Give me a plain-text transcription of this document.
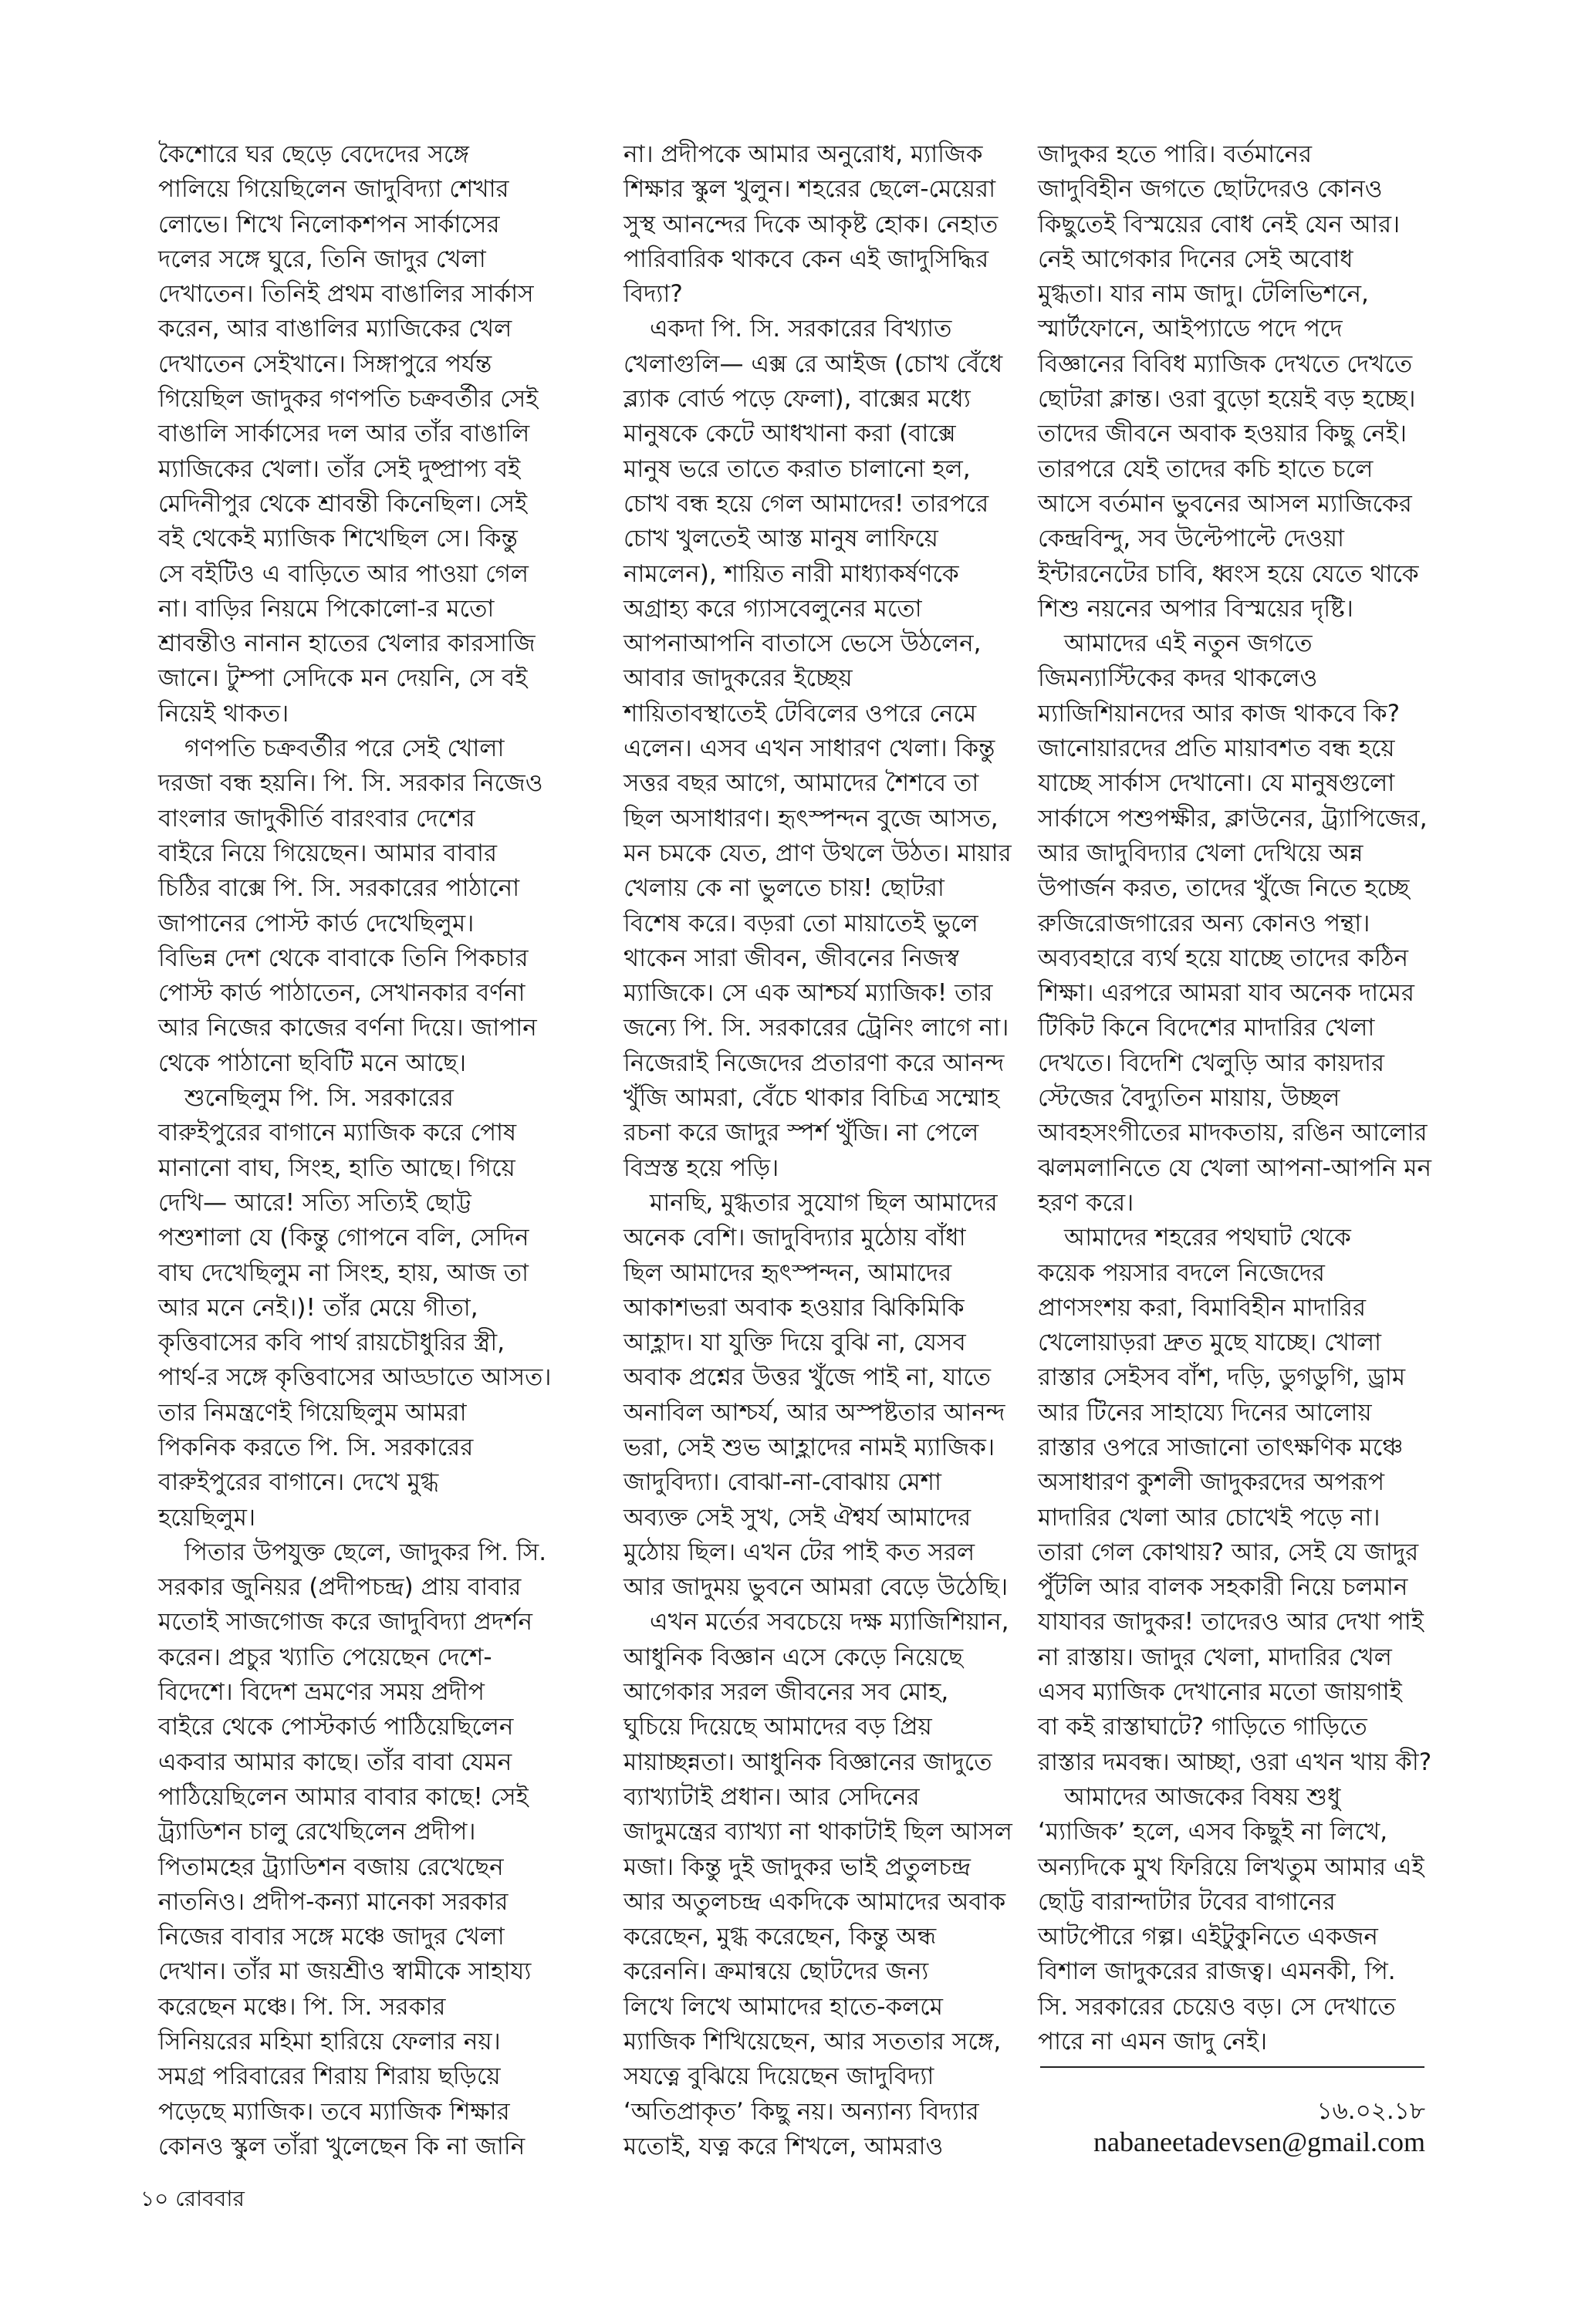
কৈশোরে ঘর ছেড়ে বেদেদের সঙ্গে
পালিয়ে গিয়েছিলেন জাদুবিদ্যা শেখার
লোভে। শিখে নিলোকশপন সার্কাসের
দলের সঙ্গে ঘুরে, তিনি জাদুর খেলা
দেখাতেন। তিনিই প্রথম বাঙালির সার্কাস
করেন, আর বাঙালির ম্যাজিকের খেল
দেখাতেন সেইখানে। সিঙ্গাপুরে পর্যন্ত
গিয়েছিল জাদুকর গণপতি চক্রবর্তীর সেই
বাঙালি সার্কাসের দল আর তাঁর বাঙালি
ম্যাজিকের খেলা। তাঁর সেই দুষ্প্রাপ্য বই
মেদিনীপুর থেকে শ্রাবন্তী কিনেছিল। সেই
বই থেকেই ম্যাজিক শিখেছিল সে। কিন্তু
সে বইটিও এ বাড়িতে আর পাওয়া গেল
না। বাড়ির নিয়মে পিকোলো-র মতো
শ্রাবন্তীও নানান হাতের খেলার কারসাজি
জানে। টুম্পা সেদিকে মন দেয়নি, সে বই
নিয়েই থাকত।
গণপতি চক্রবর্তীর পরে সেই খোলা
দরজা বন্ধ হয়নি। পি. সি. সরকার নিজেও
বাংলার জাদুকীর্তি বারংবার দেশের
বাইরে নিয়ে গিয়েছেন। আমার বাবার
চিঠির বাক্সে পি. সি. সরকারের পাঠানো
জাপানের পোস্ট কার্ড দেখেছিলুম।
বিভিন্ন দেশ থেকে বাবাকে তিনি পিকচার
পোস্ট কার্ড পাঠাতেন, সেখানকার বর্ণনা
আর নিজের কাজের বর্ণনা দিয়ে। জাপান
থেকে পাঠানো ছবিটি মনে আছে।
শুনেছিলুম পি. সি. সরকারের
বারুইপুরের বাগানে ম্যাজিক করে পোষ
মানানো বাঘ, সিংহ, হাতি আছে। গিয়ে
দেখি— আরে! সত্যি সত্যিই ছোট্ট
পশুশালা যে (কিন্তু গোপনে বলি, সেদিন
বাঘ দেখেছিলুম না সিংহ, হায়, আজ তা
আর মনে নেই।)! তাঁর মেয়ে গীতা,
কৃত্তিবাসের কবি পার্থ রায়চৌধুরির স্ত্রী,
পার্থ-র সঙ্গে কৃত্তিবাসের আড্ডাতে আসত।
তার নিমন্ত্রণেই গিয়েছিলুম আমরা
পিকনিক করতে পি. সি. সরকারের
বারুইপুরের বাগানে। দেখে মুগ্ধ
হয়েছিলুম।
পিতার উপযুক্ত ছেলে, জাদুকর পি. সি.
সরকার জুনিয়র (প্রদীপচন্দ্র) প্রায় বাবার
মতোই সাজগোজ করে জাদুবিদ্যা প্রদর্শন
করেন। প্রচুর খ্যাতি পেয়েছেন দেশে-
বিদেশে। বিদেশ ভ্রমণের সময় প্রদীপ
বাইরে থেকে পোস্টকার্ড পাঠিয়েছিলেন
একবার আমার কাছে। তাঁর বাবা যেমন
পাঠিয়েছিলেন আমার বাবার কাছে! সেই
ট্র্যাডিশন চালু রেখেছিলেন প্রদীপ।
পিতামহের ট্র্যাডিশন বজায় রেখেছেন
নাতনিও। প্রদীপ-কন্যা মানেকা সরকার
নিজের বাবার সঙ্গে মঞ্চে জাদুর খেলা
দেখান। তাঁর মা জয়শ্রীও স্বামীকে সাহায্য
করেছেন মঞ্চে। পি. সি. সরকার
সিনিয়রের মহিমা হারিয়ে ফেলার নয়।
সমগ্র পরিবারের শিরায় শিরায় ছড়িয়ে
পড়েছে ম্যাজিক। তবে ম্যাজিক শিক্ষার
কোনও স্কুল তাঁরা খুলেছেন কি না জানি
না। প্রদীপকে আমার অনুরোধ, ম্যাজিক
শিক্ষার স্কুল খুলুন। শহরের ছেলে-মেয়েরা
সুস্থ আনন্দের দিকে আকৃষ্ট হোক। নেহাত
পারিবারিক থাকবে কেন এই জাদুসিদ্ধির
বিদ্যা?
একদা পি. সি. সরকারের বিখ্যাত
খেলাগুলি— এক্স রে আইজ (চোখ বেঁধে
ব্ল্যাক বোর্ড পড়ে ফেলা), বাক্সের মধ্যে
মানুষকে কেটে আধখানা করা (বাক্সে
মানুষ ভরে তাতে করাত চালানো হল,
চোখ বন্ধ হয়ে গেল আমাদের! তারপরে
চোখ খুলতেই আস্ত মানুষ লাফিয়ে
নামলেন), শায়িত নারী মাধ্যাকর্ষণকে
অগ্রাহ্য করে গ্যাসবেলুনের মতো
আপনাআপনি বাতাসে ভেসে উঠলেন,
আবার জাদুকরের ইচ্ছেয়
শায়িতাবস্থাতেই টেবিলের ওপরে নেমে
এলেন। এসব এখন সাধারণ খেলা। কিন্তু
সত্তর বছর আগে, আমাদের শৈশবে তা
ছিল অসাধারণ। হৃৎস্পন্দন বুজে আসত,
মন চমকে যেত, প্রাণ উথলে উঠত। মায়ার
খেলায় কে না ভুলতে চায়! ছোটরা
বিশেষ করে। বড়রা তো মায়াতেই ভুলে
থাকেন সারা জীবন, জীবনের নিজস্ব
ম্যাজিকে। সে এক আশ্চর্য ম্যাজিক! তার
জন্যে পি. সি. সরকারের ট্রেনিং লাগে না।
নিজেরাই নিজেদের প্রতারণা করে আনন্দ
খুঁজি আমরা, বেঁচে থাকার বিচিত্র সম্মোহ
রচনা করে জাদুর স্পর্শ খুঁজি। না পেলে
বিস্রস্ত হয়ে পড়ি।
মানছি, মুগ্ধতার সুযোগ ছিল আমাদের
অনেক বেশি। জাদুবিদ্যার মুঠোয় বাঁধা
ছিল আমাদের হৃৎস্পন্দন, আমাদের
আকাশভরা অবাক হওয়ার ঝিকিমিকি
আহ্লাদ। যা যুক্তি দিয়ে বুঝি না, যেসব
অবাক প্রশ্নের উত্তর খুঁজে পাই না, যাতে
অনাবিল আশ্চর্য, আর অস্পষ্টতার আনন্দ
ভরা, সেই শুভ আহ্লাদের নামই ম্যাজিক।
জাদুবিদ্যা। বোঝা-না-বোঝায় মেশা
অব্যক্ত সেই সুখ, সেই ঐশ্বর্য আমাদের
মুঠোয় ছিল। এখন টের পাই কত সরল
আর জাদুময় ভুবনে আমরা বেড়ে উঠেছি।
এখন মর্তের সবচেয়ে দক্ষ ম্যাজিশিয়ান,
আধুনিক বিজ্ঞান এসে কেড়ে নিয়েছে
আগেকার সরল জীবনের সব মোহ,
ঘুচিয়ে দিয়েছে আমাদের বড় প্রিয়
মায়াচ্ছন্নতা। আধুনিক বিজ্ঞানের জাদুতে
ব্যাখ্যাটাই প্রধান। আর সেদিনের
জাদুমন্ত্রের ব্যাখ্যা না থাকাটাই ছিল আসল
মজা। কিন্তু দুই জাদুকর ভাই প্রতুলচন্দ্র
আর অতুলচন্দ্র একদিকে আমাদের অবাক
করেছেন, মুগ্ধ করেছেন, কিন্তু অন্ধ
করেননি। ক্রমান্বয়ে ছোটদের জন্য
লিখে লিখে আমাদের হাতে-কলমে
ম্যাজিক শিখিয়েছেন, আর সততার সঙ্গে,
সযত্নে বুঝিয়ে দিয়েছেন জাদুবিদ্যা
‘অতিপ্রাকৃত’ কিছু নয়। অন্যান্য বিদ্যার
মতোই, যত্ন করে শিখলে, আমরাও
জাদুকর হতে পারি। বর্তমানের
জাদুবিহীন জগতে ছোটদেরও কোনও
কিছুতেই বিস্ময়ের বোধ নেই যেন আর।
নেই আগেকার দিনের সেই অবোধ
মুগ্ধতা। যার নাম জাদু। টেলিভিশনে,
স্মার্টফোনে, আইপ্যাডে পদে পদে
বিজ্ঞানের বিবিধ ম্যাজিক দেখতে দেখতে
ছোটরা ক্লান্ত। ওরা বুড়ো হয়েই বড় হচ্ছে।
তাদের জীবনে অবাক হওয়ার কিছু নেই।
তারপরে যেই তাদের কচি হাতে চলে
আসে বর্তমান ভুবনের আসল ম্যাজিকের
কেন্দ্রবিন্দু, সব উল্টেপাল্টে দেওয়া
ইন্টারনেটের চাবি, ধ্বংস হয়ে যেতে থাকে
শিশু নয়নের অপার বিস্ময়ের দৃষ্টি।
আমাদের এই নতুন জগতে
জিমন্যাস্টিকের কদর থাকলেও
ম্যাজিশিয়ানদের আর কাজ থাকবে কি?
জানোয়ারদের প্রতি মায়াবশত বন্ধ হয়ে
যাচ্ছে সার্কাস দেখানো। যে মানুষগুলো
সার্কাসে পশুপক্ষীর, ক্লাউনের, ট্র্যাপিজের,
আর জাদুবিদ্যার খেলা দেখিয়ে অন্ন
উপার্জন করত, তাদের খুঁজে নিতে হচ্ছে
রুজিরোজগারের অন্য কোনও পন্থা।
অব্যবহারে ব্যর্থ হয়ে যাচ্ছে তাদের কঠিন
শিক্ষা। এরপরে আমরা যাব অনেক দামের
টিকিট কিনে বিদেশের মাদারির খেলা
দেখতে। বিদেশি খেলুড়ি আর কায়দার
স্টেজের বৈদ্যুতিন মায়ায়, উচ্ছল
আবহসংগীতের মাদকতায়, রঙিন আলোর
ঝলমলানিতে যে খেলা আপনা-আপনি মন
হরণ করে।
আমাদের শহরের পথঘাট থেকে
কয়েক পয়সার বদলে নিজেদের
প্রাণসংশয় করা, বিমাবিহীন মাদারির
খেলোয়াড়রা দ্রুত মুছে যাচ্ছে। খোলা
রাস্তার সেইসব বাঁশ, দড়ি, ডুগডুগি, ড্রাম
আর টিনের সাহায্যে দিনের আলোয়
রাস্তার ওপরে সাজানো তাৎক্ষণিক মঞ্চে
অসাধারণ কুশলী জাদুকরদের অপরূপ
মাদারির খেলা আর চোখেই পড়ে না।
তারা গেল কোথায়? আর, সেই যে জাদুর
পুঁটলি আর বালক সহকারী নিয়ে চলমান
যাযাবর জাদুকর! তাদেরও আর দেখা পাই
না রাস্তায়। জাদুর খেলা, মাদারির খেল
এসব ম্যাজিক দেখানোর মতো জায়গাই
বা কই রাস্তাঘাটে? গাড়িতে গাড়িতে
রাস্তার দমবন্ধ। আচ্ছা, ওরা এখন খায় কী?
আমাদের আজকের বিষয় শুধু
‘ম্যাজিক’ হলে, এসব কিছুই না লিখে,
অন্যদিকে মুখ ফিরিয়ে লিখতুম আমার এই
ছোট্ট বারান্দাটার টবের বাগানের
আটপৌরে গল্প। এইটুকুনিতে একজন
বিশাল জাদুকরের রাজত্ব। এমনকী, পি.
সি. সরকারের চেয়েও বড়। সে দেখাতে
পারে না এমন জাদু নেই।
১৬.০২.১৮
nabaneetadevsen@gmail.com
১০ রোববার
